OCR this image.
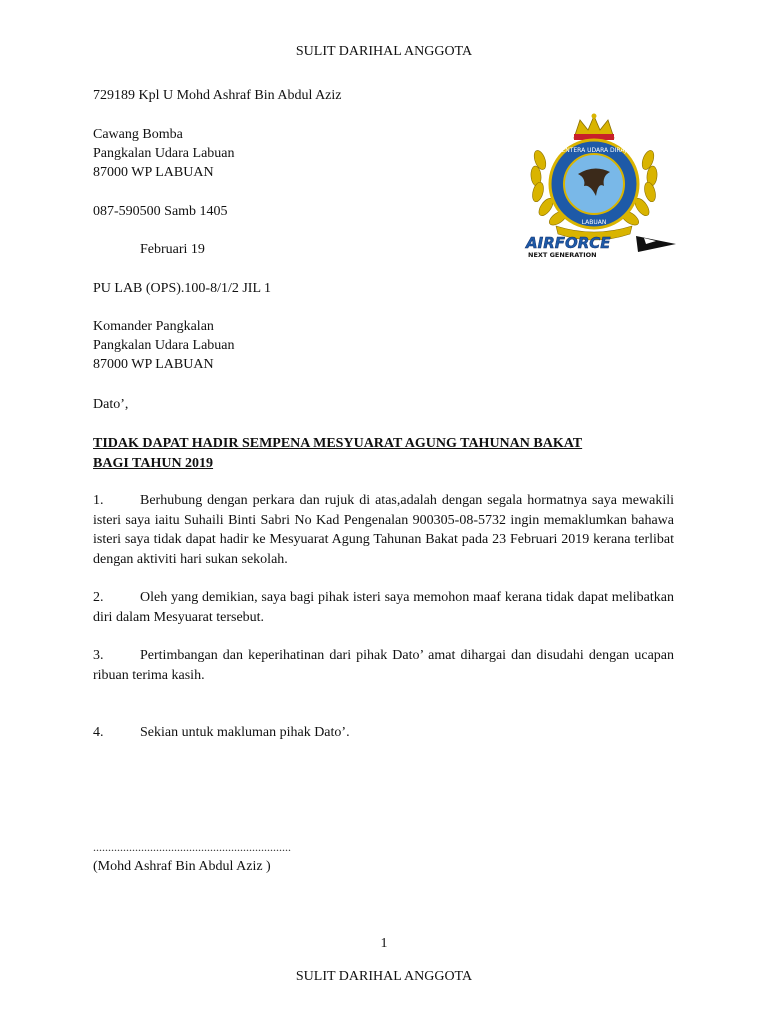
SULIT DARIHAL ANGGOTA
729189 Kpl U Mohd Ashraf Bin Abdul Aziz
Cawang Bomba
Pangkalan Udara Labuan
87000 WP LABUAN
087-590500 Samb 1405
Februari 19
PU LAB (OPS).100-8/1/2 JIL 1
Komander Pangkalan
Pangkalan Udara Labuan
87000 WP LABUAN
Dato’,
TIDAK DAPAT HADIR SEMPENA MESYUARAT AGUNG TAHUNAN BAKAT
BAGI TAHUN 2019
1.	Berhubung dengan perkara dan rujuk di atas,adalah dengan segala hormatnya saya mewakili isteri saya iaitu Suhaili Binti Sabri No Kad Pengenalan 900305-08-5732 ingin memaklumkan bahawa isteri saya tidak dapat hadir ke Mesyuarat Agung Tahunan Bakat pada 23 Februari 2019 kerana terlibat dengan aktiviti hari sukan sekolah.
2.	Oleh yang demikian, saya bagi pihak isteri saya memohon maaf kerana tidak dapat melibatkan diri dalam Mesyuarat tersebut.
3.	Pertimbangan dan keperihatinan dari pihak Dato’ amat dihargai dan disudahi dengan ucapan ribuan terima kasih.
4.	Sekian untuk makluman pihak Dato’.
..................................................................
(Mohd Ashraf Bin Abdul Aziz )
1
SULIT DARIHAL ANGGOTA
TENTERA UDARA DIRAJA
LABUAN
AIRFORCE
NEXT GENERATION
